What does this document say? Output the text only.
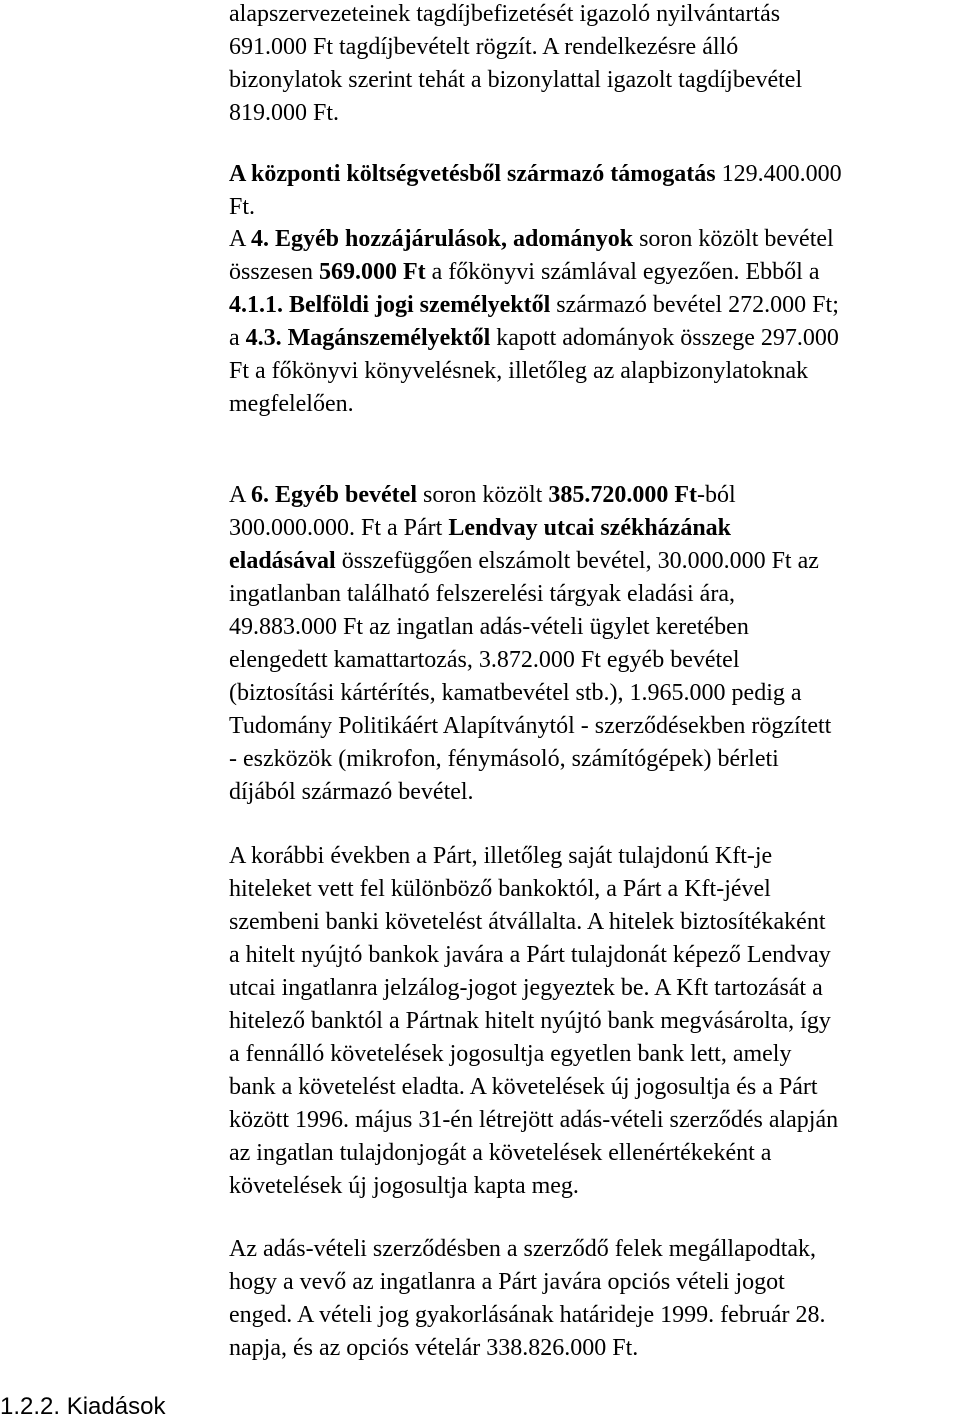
alapszervezeteinek tagdíjbefizetését igazoló nyilvántartás
691.000 Ft tagdíjbevételt rögzít. A rendelkezésre álló
bizonylatok szerint tehát a bizonylattal igazolt tagdíjbevétel
819.000 Ft.

A központi költségvetésből származó támogatás 129.400.000
Ft.

A 4. Egyéb hozzájárulások, adományok soron közölt bevétel
összesen 569.000 Ft a főkönyvi számlával egyezően. Ebből a
4.1.1. Belföldi jogi személyektől származó bevétel 272.000 Ft;
a 4.3. Magánszemélyektől kapott adományok összege 297.000
Ft a főkönyvi könyvelésnek, illetőleg az alapbizonylatoknak
megfelelően.

A 6. Egyéb bevétel soron közölt 385.720.000 Ft-ból
300.000.000. Ft a Párt Lendvay utcai székházának
eladásával összefüggően elszámolt bevétel, 30.000.000 Ft az
ingatlanban található felszerelési tárgyak eladási ára,
49.883.000 Ft az ingatlan adás-vételi ügylet keretében
elengedett kamattartozás, 3.872.000 Ft egyéb bevétel
(biztosítási kártérítés, kamatbevétel stb.), 1.965.000 pedig a
Tudomány Politikáért Alapítványtól - szerződésekben rögzített
- eszközök (mikrofon, fénymásoló, számítógépek) bérleti
díjából származó bevétel.

A korábbi években a Párt, illetőleg saját tulajdonú Kft-je
hiteleket vett fel különböző bankoktól, a Párt a Kft-jével
szembeni banki követelést átvállalta. A hitelek biztosítékaként
a hitelt nyújtó bankok javára a Párt tulajdonát képező Lendvay
utcai ingatlanra jelzálog-jogot jegyeztek be. A Kft tartozását a
hitelező banktól a Pártnak hitelt nyújtó bank megvásárolta, így
a fennálló követelések jogosultja egyetlen bank lett, amely
bank a követelést eladta. A követelések új jogosultja és a Párt
között 1996. május 31-én létrejött adás-vételi szerződés alapján
az ingatlan tulajdonjogát a követelések ellenértékeként a
követelések új jogosultja kapta meg.

Az adás-vételi szerződésben a szerződő felek megállapodtak,
hogy a vevő az ingatlanra a Párt javára opciós vételi jogot
enged. A vételi jog gyakorlásának határideje 1999. február 28.
napja, és az opciós vételár 338.826.000 Ft.

1.2.2. Kiadások
